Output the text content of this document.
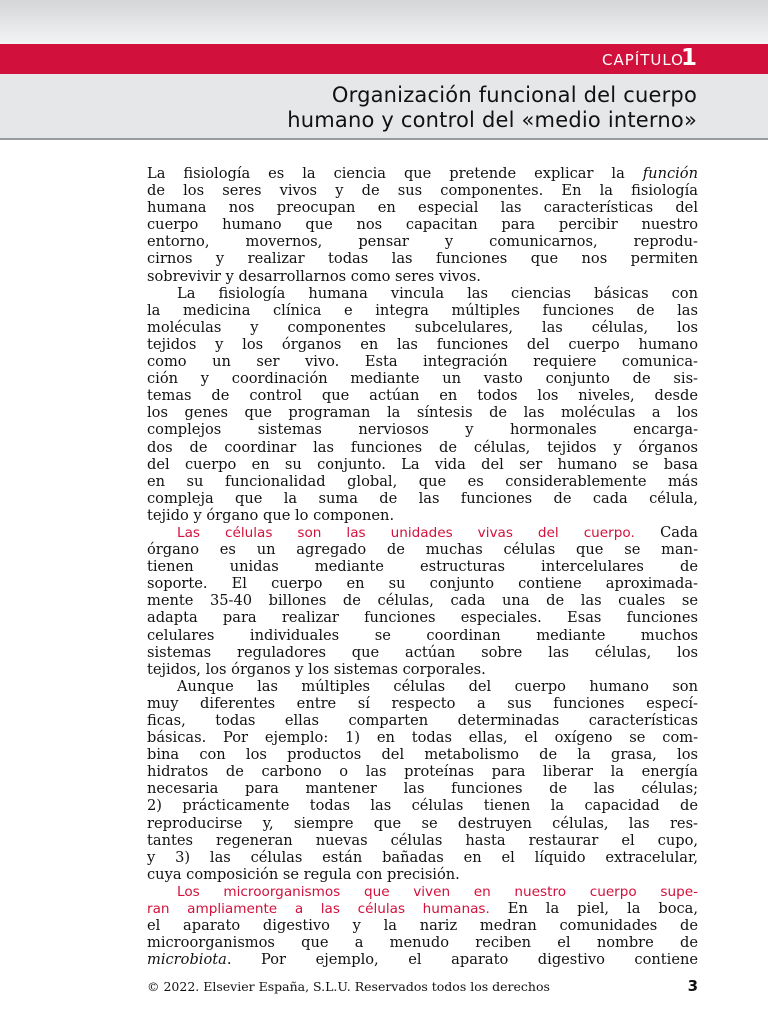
CAPÍTULO
1
Organización funcional del cuerpo
humano y control del «medio interno»
La fisiología es la ciencia que pretende explicar la función
de los seres vivos y de sus componentes. En la fisiología
humana nos preocupan en especial las características del
cuerpo humano que nos capacitan para percibir nuestro
entorno, movernos, pensar y comunicarnos, reprodu-
cirnos y realizar todas las funciones que nos permiten
sobrevivir y desarrollarnos como seres vivos.
La fisiología humana vincula las ciencias básicas con
la medicina clínica e integra múltiples funciones de las
moléculas y componentes subcelulares, las células, los
tejidos y los órganos en las funciones del cuerpo humano
como un ser vivo. Esta integración requiere comunica-
ción y coordinación mediante un vasto conjunto de sis-
temas de control que actúan en todos los niveles, desde
los genes que programan la síntesis de las moléculas a los
complejos sistemas nerviosos y hormonales encarga-
dos de coordinar las funciones de células, tejidos y órganos
del cuerpo en su conjunto. La vida del ser humano se basa
en su funcionalidad global, que es considerablemente más
compleja que la suma de las funciones de cada célula,
tejido y órgano que lo componen.
Las células son las unidades vivas del cuerpo. Cada
órgano es un agregado de muchas células que se man-
tienen unidas mediante estructuras intercelulares de
soporte. El cuerpo en su conjunto contiene aproximada-
mente 35-40 billones de células, cada una de las cuales se
adapta para realizar funciones especiales. Esas funciones
celulares individuales se coordinan mediante muchos
sistemas reguladores que actúan sobre las células, los
tejidos, los órganos y los sistemas corporales.
Aunque las múltiples células del cuerpo humano son
muy diferentes entre sí respecto a sus funciones especí-
ficas, todas ellas comparten determinadas características
básicas. Por ejemplo: 1) en todas ellas, el oxígeno se com-
bina con los productos del metabolismo de la grasa, los
hidratos de carbono o las proteínas para liberar la energía
necesaria para mantener las funciones de las células;
2) prácticamente todas las células tienen la capacidad de
reproducirse y, siempre que se destruyen células, las res-
tantes regeneran nuevas células hasta restaurar el cupo,
y 3) las células están bañadas en el líquido extracelular,
cuya composición se regula con precisión.
Los microorganismos que viven en nuestro cuerpo supe-
ran ampliamente a las células humanas. En la piel, la boca,
el aparato digestivo y la nariz medran comunidades de
microorganismos que a menudo reciben el nombre de
microbiota. Por ejemplo, el aparato digestivo contiene
© 2022. Elsevier España, S.L.U. Reservados todos los derechos	3
